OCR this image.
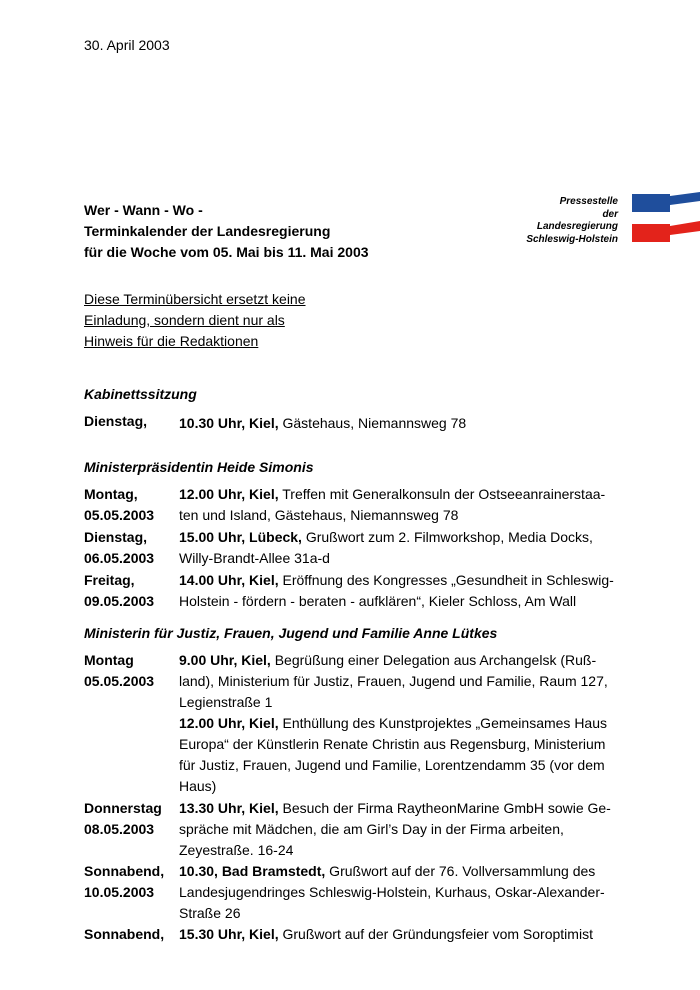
30. April 2003
Wer - Wann - Wo -
Terminkalender der Landesregierung
für die Woche vom 05. Mai bis 11. Mai 2003
Pressestelle
der
Landesregierung
Schleswig-Holstein
Diese Terminübersicht ersetzt keine
Einladung, sondern dient nur als
Hinweis für die Redaktionen
Kabinettssitzung
Dienstag,	10.30 Uhr, Kiel, Gästehaus, Niemannsweg 78
Ministerpräsidentin Heide Simonis
Montag,
05.05.2003
12.00 Uhr, Kiel, Treffen mit Generalkonsuln der Ostseeanrainerstaa-
ten und Island, Gästehaus, Niemannsweg 78
Dienstag,
06.05.2003
15.00 Uhr, Lübeck, Grußwort zum 2. Filmworkshop, Media Docks,
Willy-Brandt-Allee 31a-d
Freitag,
09.05.2003
14.00 Uhr, Kiel, Eröffnung des Kongresses „Gesundheit in Schleswig-
Holstein - fördern - beraten - aufklären“, Kieler Schloss, Am Wall
Ministerin für Justiz, Frauen, Jugend und Familie Anne Lütkes
Montag
05.05.2003
9.00 Uhr, Kiel, Begrüßung einer Delegation aus Archangelsk (Ruß-
land), Ministerium für Justiz, Frauen, Jugend und Familie, Raum 127,
Legienstraße 1
12.00 Uhr, Kiel, Enthüllung des Kunstprojektes „Gemeinsames Haus
Europa“ der Künstlerin Renate Christin aus Regensburg, Ministerium
für Justiz, Frauen, Jugend und Familie, Lorentzendamm 35 (vor dem
Haus)
Donnerstag
08.05.2003
13.30 Uhr, Kiel, Besuch der Firma RaytheonMarine GmbH sowie Ge-
spräche mit Mädchen, die am Girl’s Day in der Firma arbeiten,
Zeyestraße. 16-24
Sonnabend,
10.05.2003
10.30, Bad Bramstedt, Grußwort auf der 76. Vollversammlung des
Landesjugendringes Schleswig-Holstein, Kurhaus, Oskar-Alexander-
Straße 26
Sonnabend,	15.30 Uhr, Kiel, Grußwort auf der Gründungsfeier vom Soroptimist
